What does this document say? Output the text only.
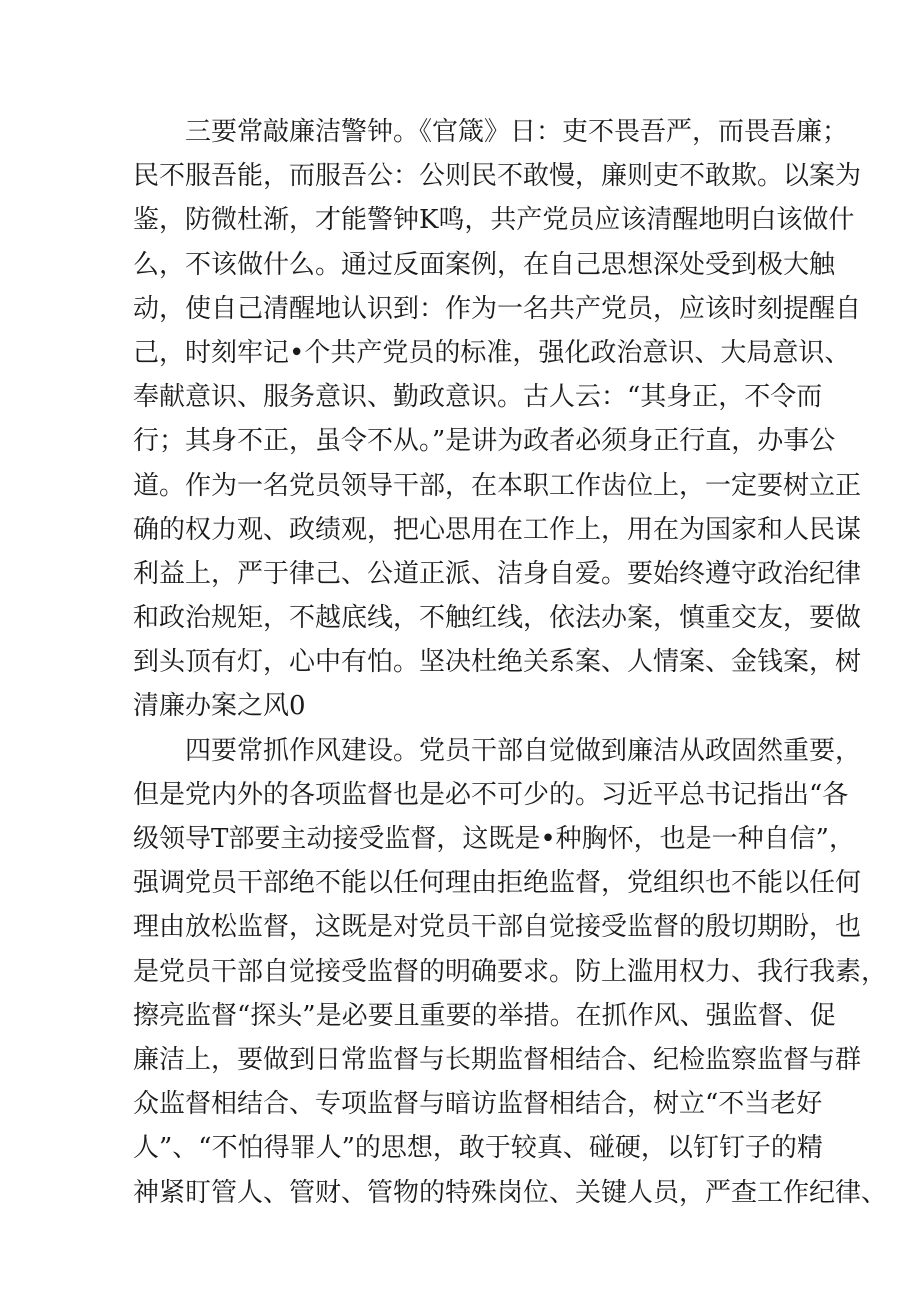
三要常敲廉洁警钟。《官箴》日：吏不畏吾严，而畏吾廉；
民不服吾能，而服吾公：公则民不敢慢，廉则吏不敢欺。以案为
鉴，防微杜渐，才能警钟K鸣，共产党员应该清醒地明白该做什
么，不该做什么。通过反面案例，在自己思想深处受到极大触
动，使自己清醒地认识到：作为一名共产党员，应该时刻提醒自
己，时刻牢记•个共产党员的标准，强化政治意识、大局意识、
奉献意识、服务意识、勤政意识。古人云：“其身正，不令而
行；其身不正，虽令不从。”是讲为政者必须身正行直，办事公
道。作为一名党员领导干部，在本职工作齿位上，一定要树立正
确的权力观、政绩观，把心思用在工作上，用在为国家和人民谋
利益上，严于律己、公道正派、洁身自爱。要始终遵守政治纪律
和政治规矩，不越底线，不触红线，依法办案，慎重交友，要做
到头顶有灯，心中有怕。坚决杜绝关系案、人情案、金钱案，树
清廉办案之风0
四要常抓作风建设。党员干部自觉做到廉洁从政固然重要，
但是党内外的各项监督也是必不可少的。习近平总书记指出“各
级领导T部要主动接受监督，这既是•种胸怀，也是一种自信”，
强调党员干部绝不能以任何理由拒绝监督，党组织也不能以任何
理由放松监督，这既是对党员干部自觉接受监督的殷切期盼，也
是党员干部自觉接受监督的明确要求。防上滥用权力、我行我素，
擦亮监督“探头”是必要且重要的举措。在抓作风、强监督、促
廉洁上，要做到日常监督与长期监督相结合、纪检监察监督与群
众监督相结合、专项监督与暗访监督相结合，树立“不当老好
人”、“不怕得罪人”的思想，敢于较真、碰硬，以钉钉子的精
神紧盯管人、管财、管物的特殊岗位、关键人员，严查工作纪律、
